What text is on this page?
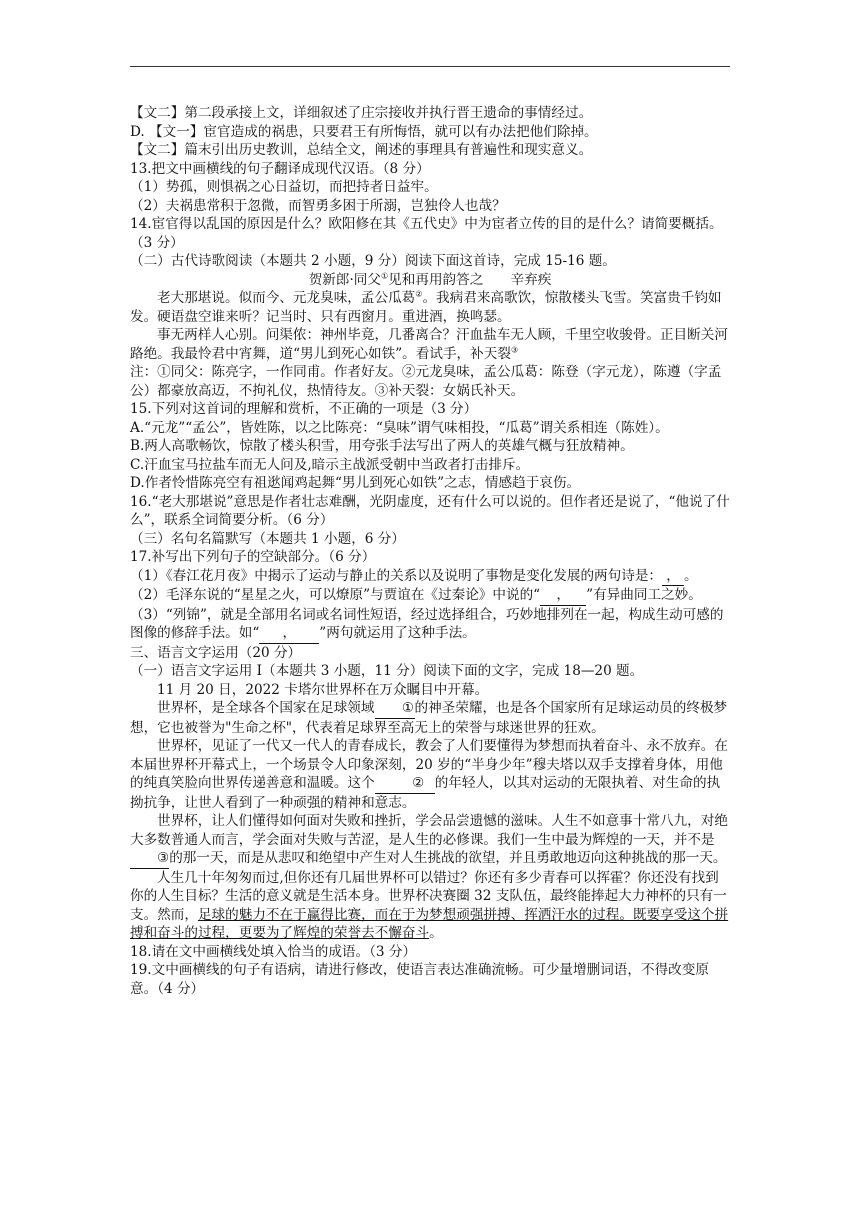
【文二】第二段承接上文，详细叙述了庄宗接收并执行晋王遗命的事情经过。

D. 【文一】宦官造成的祸患，只要君王有所悔悟，就可以有办法把他们除掉。

【文二】篇末引出历史教训，总结全文，阐述的事理具有普遍性和现实意义。

13.把文中画横线的句子翻译成现代汉语。（8 分）

（1）势孤，则惧祸之心日益切，而把持者日益牢。

（2）夫祸患常积于忽微，而智勇多困于所溺，岂独伶人也哉？

14.宦官得以乱国的原因是什么？欧阳修在其《五代史》中为宦者立传的目的是什么？请简要概括。（3 分）

（二）古代诗歌阅读（本题共 2 小题，9 分）阅读下面这首诗，完成 15-16 题。

贺新郎·同父①见和再用韵答之　　辛弃疾

老大那堪说。似而今、元龙臭味，孟公瓜葛②。我病君来高歌饮，惊散楼头飞雪。笑富贵千钧如发。硬语盘空谁来听？记当时、只有西窗月。重进酒，换鸣瑟。

事无两样人心别。问渠侬：神州毕竟，几番离合？汗血盐车无人顾，千里空收骏骨。正目断关河路绝。我最怜君中宵舞，道“男儿到死心如铁”。看试手，补天裂③

注：①同父：陈亮字，一作同甫。作者好友。②元龙臭味，孟公瓜葛：陈登（字元龙），陈遵（字孟公）都豪放高迈，不拘礼仪，热情待友。③补天裂：女娲氏补天。

15.下列对这首词的理解和赏析，不正确的一项是（3 分）

A.“元龙”“孟公”，皆姓陈，以之比陈亮：“臭味”谓气味相投，“瓜葛”谓关系相连（陈姓）。

B.两人高歌畅饮，惊散了楼头积雪，用夸张手法写出了两人的英雄气概与狂放精神。

C.汗血宝马拉盐车而无人问及,暗示主战派受朝中当政者打击排斥。

D.作者怜惜陈亮空有祖逖闻鸡起舞“男儿到死心如铁”之志，情感趋于哀伤。

16.“老大那堪说”意思是作者壮志难酬，光阴虚度，还有什么可以说的。但作者还是说了，“他说了什么”，联系全词简要分析。（6 分）

（三）名句名篇默写（本题共 1 小题，6 分）

17.补写出下列句子的空缺部分。（6 分）

（1）《春江花月夜》中揭示了运动与静止的关系以及说明了事物是变化发展的两句诗是： ， 。

（2）毛泽东说的“星星之火，可以燎原”与贾谊在《过秦论》中说的“ ， ”有异曲同工之妙。

（3）“列锦”，就是全部用名词或名词性短语，经过选择组合，巧妙地排列在一起，构成生动可感的图像的修辞手法。如“ ， ”两句就运用了这种手法。

三、语言文字运用（20 分）

（一）语言文字运用 I（本题共 3 小题，11 分）阅读下面的文字，完成 18—20 题。

11 月 20 日，2022 卡塔尔世界杯在万众瞩目中开幕。

世界杯，是全球各个国家在足球领域 ①的神圣荣耀，也是各个国家所有足球运动员的终极梦想，它也被誉为"生命之杯"，代表着足球界至高无上的荣誉与球迷世界的狂欢。

世界杯，见证了一代又一代人的青春成长，教会了人们要懂得为梦想而执着奋斗、永不放弃。在本届世界杯开幕式上，一个场景令人印象深刻，20 岁的“半身少年”穆夫塔以双手支撑着身体，用他的纯真笑脸向世界传递善意和温暖。这个	② 的年轻人，以其对运动的无限执着、对生命的执拗抗争，让世人看到了一种顽强的精神和意志。

世界杯，让人们懂得如何面对失败和挫折，学会品尝遗憾的滋味。人生不如意事十常八九，对绝大多数普通人而言，学会面对失败与苦涩，是人生的必修课。我们一生中最为辉煌的一天，并不是③的那一天，而是从悲叹和绝望中产生对人生挑战的欲望，并且勇敢地迈向这种挑战的那一天。

人生几十年匆匆而过,但你还有几届世界杯可以错过？你还有多少青春可以挥霍？你还没有找到你的人生目标？生活的意义就是生活本身。世界杯决赛圈 32 支队伍，最终能捧起大力神杯的只有一支。然而，足球的魅力不在于赢得比赛，而在于为梦想顽强拼搏、挥洒汗水的过程。既要享受这个拼搏和奋斗的过程，更要为了辉煌的荣誉去不懈奋斗。

18.请在文中画横线处填入恰当的成语。（3 分）

19.文中画横线的句子有语病，请进行修改，使语言表达准确流畅。可少量增删词语，不得改变原意。（4 分）
